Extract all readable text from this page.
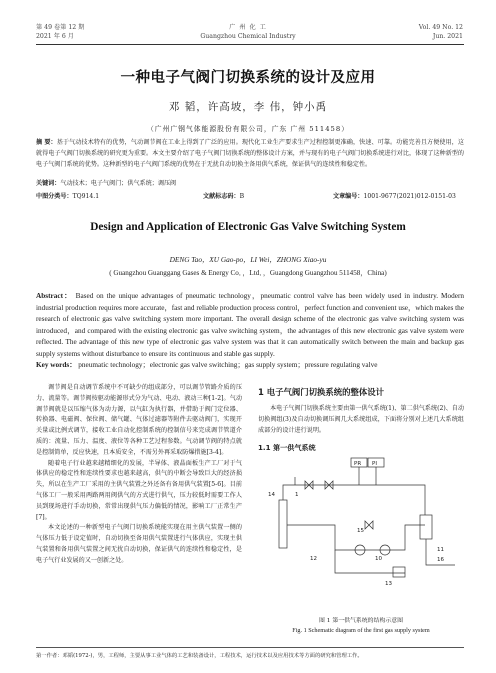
第 49 卷第 12 期
2021 年 6 月
广 州 化 工
Guangzhou Chemical Industry
Vol. 49 No. 12
Jun. 2021
一种电子气阀门切换系统的设计及应用
邓 韬，许高坡，李 伟，钟小禹
（广州广钢气体能源股份有限公司，广东 广州 511458）
摘 要：基于气动技术特有的优势，气动调节阀在工业上得到了广泛的应用。现代化工业生产要求生产过程控制更准确，快速、可靠。功能完善且方便使用，这就得电子气阀门切换系统的研究更为重要。本文主要介绍了电子气阀门切换系统的整体设计方案，并与现有的电子气阀门切换系统进行对比，体现了这种新型的电子气阀门系统的优势。这种新型的电子气阀门系统的优势在于无扰自动切换主备用供气系统，保证供气的连续性和稳定性。
关键词：气动技术；电子气阀门；供气系统；调压阀
中图分类号：TQ914.1	文献标志码：B	文章编号：1001-9677(2021)012-0151-03
Design and Application of Electronic Gas Valve Switching System
DENG Tao，XU Gao-po，LI Wei，ZHONG Xiao-yu
( Guangzhou Guanggang Gases & Energy Co．，Ltd．，Guangdong Guangzhou 511458，China)
Abstract： Based on the unique advantages of pneumatic technology，pneumatic control valve has been widely used in industry. Modern industrial production requires more accurate，fast and reliable production process control，perfect function and convenient use，which makes the research of electronic gas valve switching system more important. The overall design scheme of the electronic gas valve switching system was introduced，and compared with the existing electronic gas valve switching system，the advantages of this new electronic gas valve system were reflected. The advantage of this new type of electronic gas valve system was that it can automatically switch between the main and backup gas supply systems without disturbance to ensure its continuous and stable gas supply.
Key words： pneumatic technology；electronic gas valve switching；gas supply system；pressure regulating valve

调节阀是自动调节系统中不可缺少的组成部分，可以调节管路介质的压力、流量等。调节阀按驱动能源形式分为气动、电动、液动三种[1-2]。气动调节阀就是以压缩气体为动力源，以气缸为执行器，并借助于阀门定位器、转换器、电磁阀、保位阀、储气罐、气体过滤器等附件去驱动阀门，实现开关量或比例式调节，接收工业自动化控制系统的控制信号来完成调节管道介质的：流量、压力、温度、液位等各种工艺过程参数。气动调节阀的特点就是控制简单，反应快速，且本质安全，不需另外再采取防爆措施[3-4]。

随着电子行业越来越精细化的发展，半导体、液晶面板生产工厂对于气体供应的稳定性和连续性要求也越来越高，供气的中断会导致巨大的经济损失，所以在生产工厂采用的主供气装置之外还备有备用供气装置[5-6]。目前气体工厂一般采用两路两用阀供气的方式进行供气，压力较低时需要工作人员到现场进行手动切换，常常出现供气压力偏低的情况，影响工厂正常生产[7]。

本文论述的一种新型电子气阀门切换系统能实现在用主供气装置一侧的气体压力低于设定值时，自动切换至备用供气装置进行气体供应，实现主供气装置和备用供气装置之间无扰自动切换，保证供气的连续性和稳定性，是电子气行业发展的又一创新之处。

1 电子气阀门切换系统的整体设计

本电子气阀门切换系统主要由第一供气系统(1)、第二供气系统(2)、自动切换阀组(3)及自动切换调压阀几大系统组成，下面将分别对上述几大系统组成部分的设计进行说明。

1.1 第一供气系统
PR PI
14	1
15
12	10
11
16
13
图 1 第一供气系统的结构示意图
Fig. 1 Schematic diagram of the first gas supply system
第一作者：邓韬(1972-)，男，工程师，主要从事工业气体的工艺和装备设计，工程技术，运行技术以及应用技术等方面的研究和管理工作。
